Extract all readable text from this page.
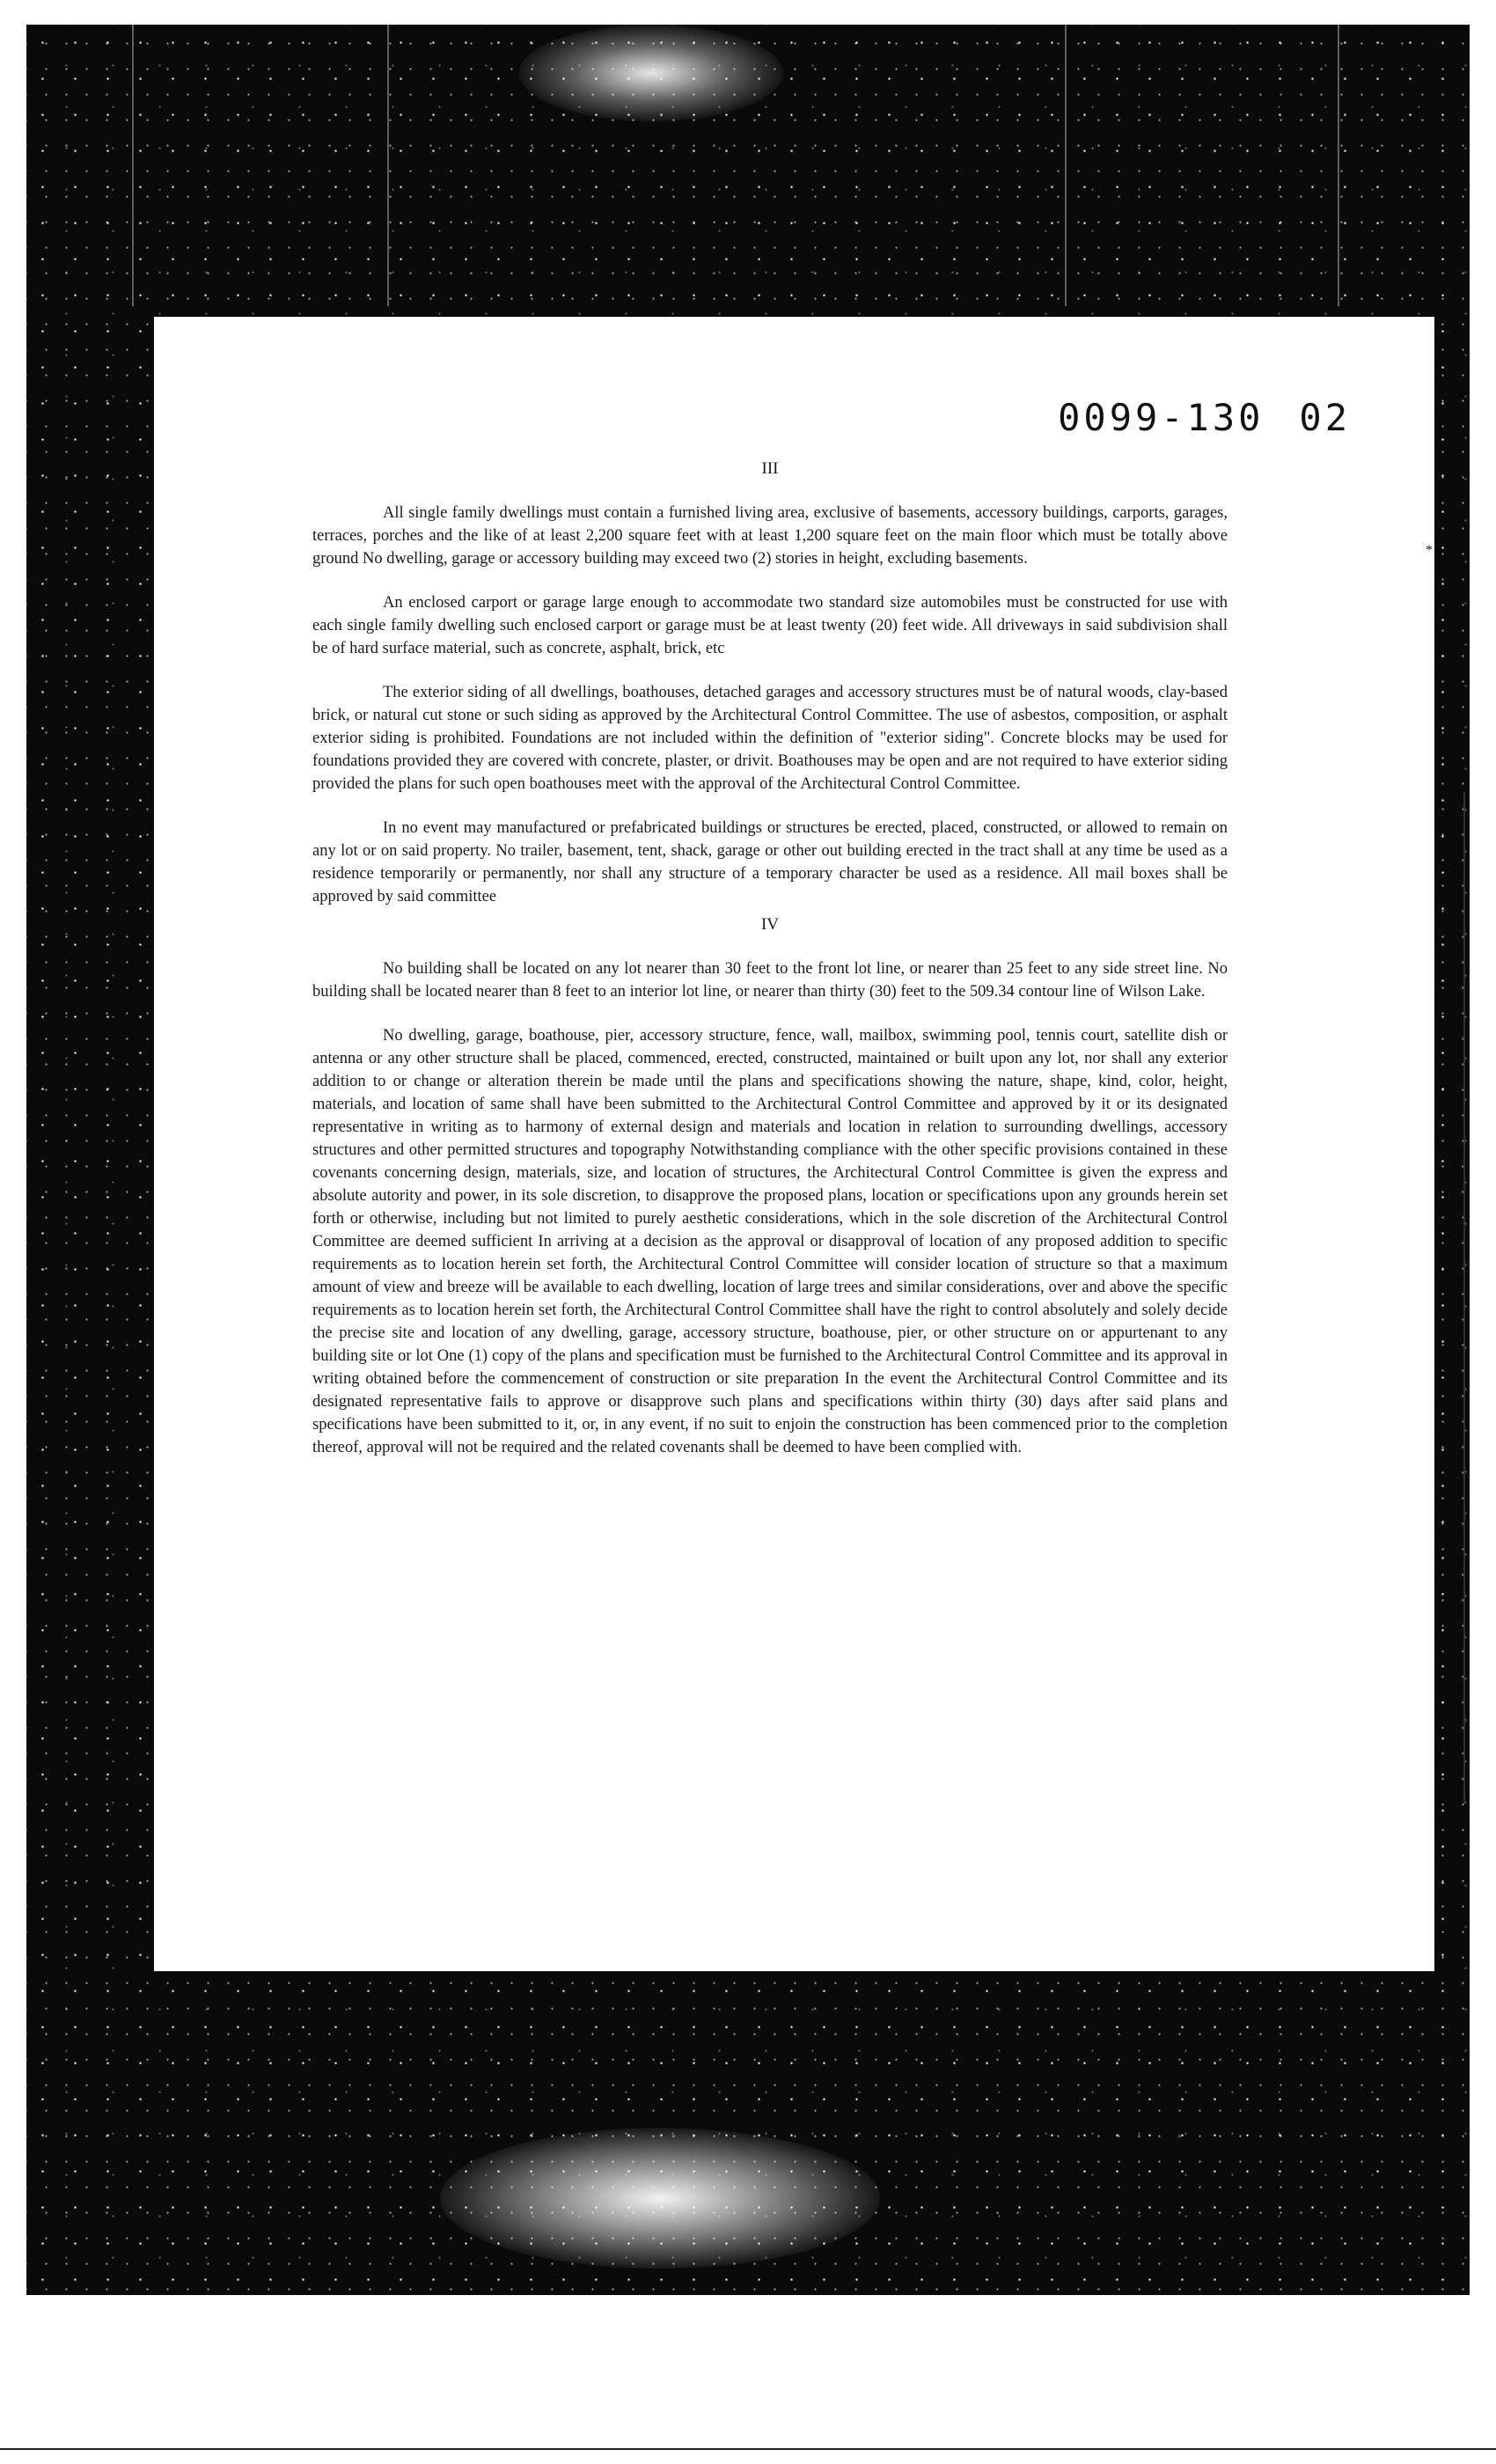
0099-130 02
III

All single family dwellings must contain a furnished living area, exclusive of basements, accessory buildings, carports, garages, terraces, porches and the like of at least 2,200 square feet with at least 1,200 square feet on the main floor which must be totally above ground No dwelling, garage or accessory building may exceed two (2) stories in height, excluding basements.

An enclosed carport or garage large enough to accommodate two standard size automobiles must be constructed for use with each single family dwelling such enclosed carport or garage must be at least twenty (20) feet wide. All driveways in said subdivision shall be of hard surface material, such as concrete, asphalt, brick, etc

The exterior siding of all dwellings, boathouses, detached garages and accessory structures must be of natural woods, clay-based brick, or natural cut stone or such siding as approved by the Architectural Control Committee. The use of asbestos, composition, or asphalt exterior siding is prohibited. Foundations are not included within the definition of "exterior siding". Concrete blocks may be used for foundations provided they are covered with concrete, plaster, or drivit. Boathouses may be open and are not required to have exterior siding provided the plans for such open boathouses meet with the approval of the Architectural Control Committee.

In no event may manufactured or prefabricated buildings or structures be erected, placed, constructed, or allowed to remain on any lot or on said property. No trailer, basement, tent, shack, garage or other out building erected in the tract shall at any time be used as a residence temporarily or permanently, nor shall any structure of a temporary character be used as a residence. All mail boxes shall be approved by said committee

IV

No building shall be located on any lot nearer than 30 feet to the front lot line, or nearer than 25 feet to any side street line. No building shall be located nearer than 8 feet to an interior lot line, or nearer than thirty (30) feet to the 509.34 contour line of Wilson Lake.

No dwelling, garage, boathouse, pier, accessory structure, fence, wall, mailbox, swimming pool, tennis court, satellite dish or antenna or any other structure shall be placed, commenced, erected, constructed, maintained or built upon any lot, nor shall any exterior addition to or change or alteration therein be made until the plans and specifications showing the nature, shape, kind, color, height, materials, and location of same shall have been submitted to the Architectural Control Committee and approved by it or its designated representative in writing as to harmony of external design and materials and location in relation to surrounding dwellings, accessory structures and other permitted structures and topography Notwithstanding compliance with the other specific provisions contained in these covenants concerning design, materials, size, and location of structures, the Architectural Control Committee is given the express and absolute autority and power, in its sole discretion, to disapprove the proposed plans, location or specifications upon any grounds herein set forth or otherwise, including but not limited to purely aesthetic considerations, which in the sole discretion of the Architectural Control Committee are deemed sufficient In arriving at a decision as the approval or disapproval of location of any proposed addition to specific requirements as to location herein set forth, the Architectural Control Committee will consider location of structure so that a maximum amount of view and breeze will be available to each dwelling, location of large trees and similar considerations, over and above the specific requirements as to location herein set forth, the Architectural Control Committee shall have the right to control absolutely and solely decide the precise site and location of any dwelling, garage, accessory structure, boathouse, pier, or other structure on or appurtenant to any building site or lot One (1) copy of the plans and specification must be furnished to the Architectural Control Committee and its approval in writing obtained before the commencement of construction or site preparation In the event the Architectural Control Committee and its designated representative fails to approve or disapprove such plans and specifications within thirty (30) days after said plans and specifications have been submitted to it, or, in any event, if no suit to enjoin the construction has been commenced prior to the completion thereof, approval will not be required and the related covenants shall be deemed to have been complied with.

*
